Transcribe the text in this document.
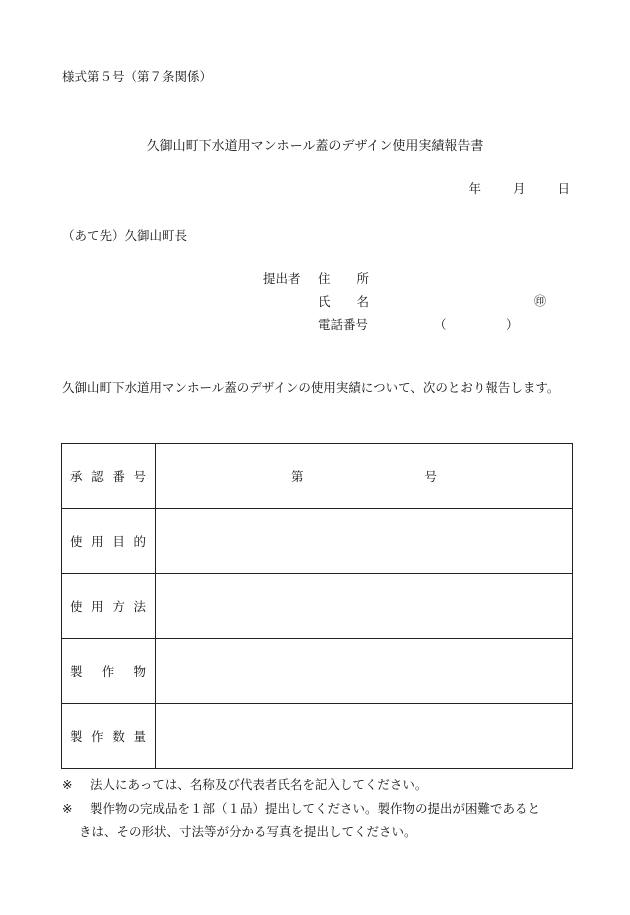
様式第５号（第７条関係）
久御山町下水道用マンホール蓋のデザイン使用実績報告書
年	月	日
（あて先）久御山町長
提出者 住所
氏名	㊞
電話番号	（	）
久御山町下水道用マンホール蓋のデザインの使用実績について、次のとおり報告します。
承 認 番 号	第 号

使 用 目 的	

使 用 方 法	

製 作 物	

製 作 数 量	

※ 法人にあっては、名称及び代表者氏名を記入してください。
※ 製作物の完成品を１部（１品）提出してください。製作物の提出が困難であると
きは、その形状、寸法等が分かる写真を提出してください。
